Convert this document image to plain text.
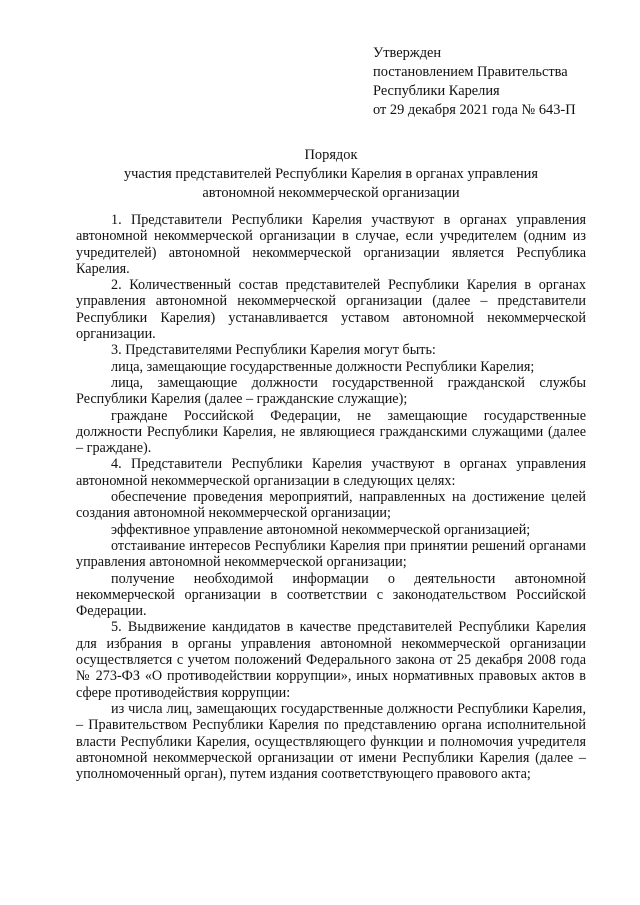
Утвержден
постановлением Правительства
Республики Карелия
от 29 декабря 2021 года № 643-П
Порядок
участия представителей Республики Карелия в органах управления
автономной некоммерческой организации

1. Представители Республики Карелия участвуют в органах управления автономной некоммерческой организации в случае, если учредителем (одним из учредителей) автономной некоммерческой организации является Республика Карелия.

2. Количественный состав представителей Республики Карелия в органах управления автономной некоммерческой организации (далее – представители Республики Карелия) устанавливается уставом автономной некоммерческой организации.

3. Представителями Республики Карелия могут быть:

лица, замещающие государственные должности Республики Карелия;

лица, замещающие должности государственной гражданской службы Республики Карелия (далее – гражданские служащие);

граждане Российской Федерации, не замещающие государственные должности Республики Карелия, не являющиеся гражданскими служащими (далее – граждане).

4. Представители Республики Карелия участвуют в органах управления автономной некоммерческой организации в следующих целях:

обеспечение проведения мероприятий, направленных на достижение целей создания автономной некоммерческой организации;

эффективное управление автономной некоммерческой организацией;

отстаивание интересов Республики Карелия при принятии решений органами управления автономной некоммерческой организации;

получение необходимой информации о деятельности автономной некоммерческой организации в соответствии с законодательством Российской Федерации.

5. Выдвижение кандидатов в качестве представителей Республики Карелия для избрания в органы управления автономной некоммерческой организации осуществляется с учетом положений Федерального закона от 25 декабря 2008 года № 273-ФЗ «О противодействии коррупции», иных нормативных правовых актов в сфере противодействия коррупции:

из числа лиц, замещающих государственные должности Республики Карелия, – Правительством Республики Карелия по представлению органа исполнительной власти Республики Карелия, осуществляющего функции и полномочия учредителя автономной некоммерческой организации от имени Республики Карелия (далее – уполномоченный орган), путем издания соответствующего правового акта;
